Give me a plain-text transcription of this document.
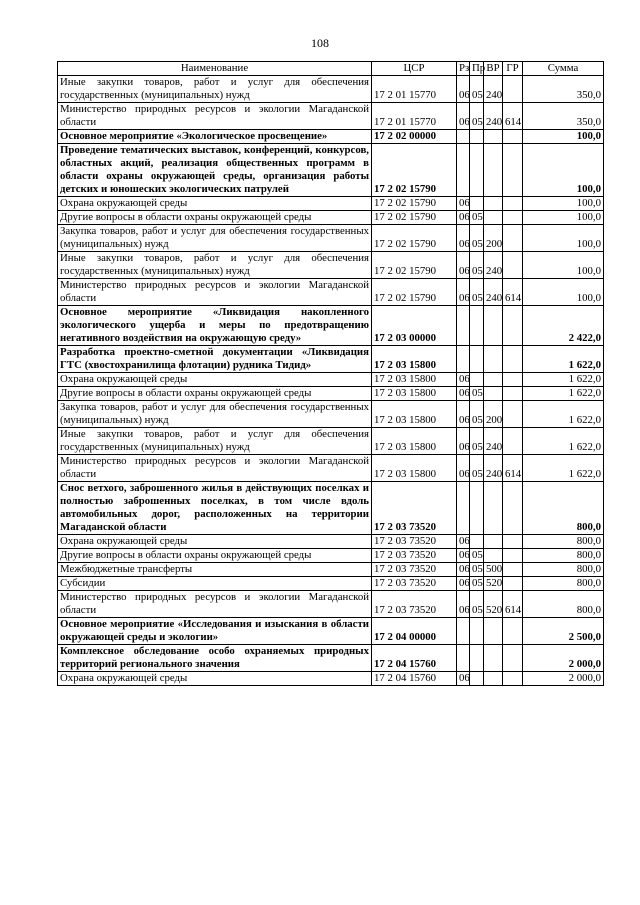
108
Наименование	ЦСР	Рз	Пр	ВР	ГР	Сумма
Иные закупки товаров, работ и услуг для обеспечения государственных (муниципальных) нужд	17 2 01 15770	06	05	240		350,0
Министерство природных ресурсов и экологии Магаданской области	17 2 01 15770	06	05	240	614	350,0
Основное мероприятие «Экологическое просвещение»	17 2 02 00000					100,0
Проведение тематических выставок, конференций, конкурсов, областных акций, реализация общественных программ в области охраны окружающей среды, организация работы детских и юношеских экологических патрулей	17 2 02 15790					100,0
Охрана окружающей среды	17 2 02 15790	06				100,0
Другие вопросы в области охраны окружающей среды	17 2 02 15790	06	05			100,0
Закупка товаров, работ и услуг для обеспечения государственных (муниципальных) нужд	17 2 02 15790	06	05	200		100,0
Иные закупки товаров, работ и услуг для обеспечения государственных (муниципальных) нужд	17 2 02 15790	06	05	240		100,0
Министерство природных ресурсов и экологии Магаданской области	17 2 02 15790	06	05	240	614	100,0
Основное мероприятие «Ликвидация накопленного экологического ущерба и меры по предотвращению негативного воздействия на окружающую среду»	17 2 03 00000					2 422,0
Разработка проектно-сметной документации «Ликвидация ГТС (хвостохранилища флотации) рудника Тидид»	17 2 03 15800					1 622,0
Охрана окружающей среды	17 2 03 15800	06				1 622,0
Другие вопросы в области охраны окружающей среды	17 2 03 15800	06	05			1 622,0
Закупка товаров, работ и услуг для обеспечения государственных (муниципальных) нужд	17 2 03 15800	06	05	200		1 622,0
Иные закупки товаров, работ и услуг для обеспечения государственных (муниципальных) нужд	17 2 03 15800	06	05	240		1 622,0
Министерство природных ресурсов и экологии Магаданской области	17 2 03 15800	06	05	240	614	1 622,0
Снос ветхого, заброшенного жилья в действующих поселках и полностью заброшенных поселках, в том числе вдоль автомобильных дорог, расположенных на территории Магаданской области	17 2 03 73520					800,0
Охрана окружающей среды	17 2 03 73520	06				800,0
Другие вопросы в области охраны окружающей среды	17 2 03 73520	06	05			800,0
Межбюджетные трансферты	17 2 03 73520	06	05	500		800,0
Субсидии	17 2 03 73520	06	05	520		800,0
Министерство природных ресурсов и экологии Магаданской области	17 2 03 73520	06	05	520	614	800,0
Основное мероприятие «Исследования и изыскания в области окружающей среды и экологии»	17 2 04 00000					2 500,0
Комплексное обследование особо охраняемых природных территорий регионального значения	17 2 04 15760					2 000,0
Охрана окружающей среды	17 2 04 15760	06				2 000,0
